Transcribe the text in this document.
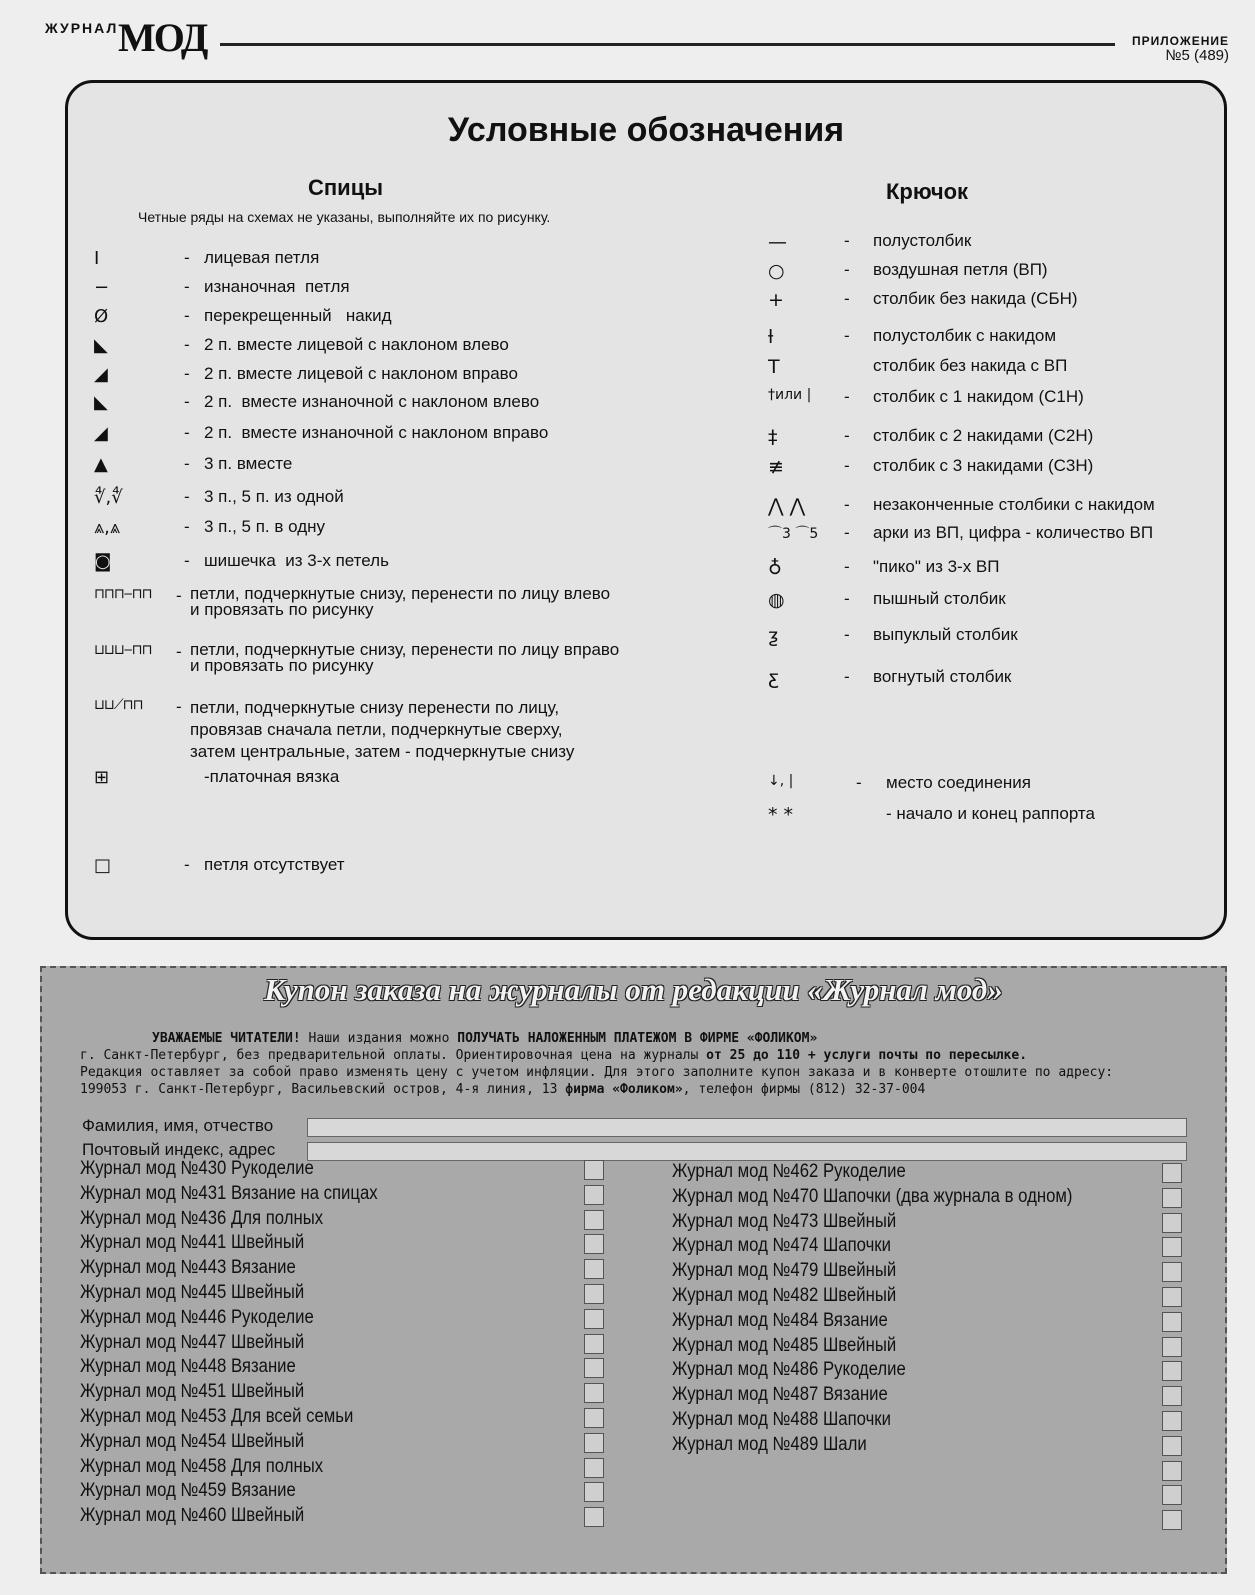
ЖУРНАЛ МОД	ПРИЛОЖЕНИЕ
№5 (489)
Условные обозначения
Спицы	Крючок
Четные ряды на схемах не указаны, выполняйте их по рисунку.
I	- лицевая петля
−	- изнаночная  петля
Ø	- перекрещенный   накид
◣	- 2 п. вместе лицевой с наклоном влево
◢	- 2 п. вместе лицевой с наклоном вправо
◣	- 2 п.  вместе изнаночной с наклоном влево
◢	- 2 п.  вместе изнаночной с наклоном вправо
▲	- 3 п. вместе
∜,∜	- 3 п., 5 п. из одной
⩓,⩓	- 3 п., 5 п. в одну
◙	- шишечка  из 3-х петель
⊓⊓⊓‒⊓⊓ - петли, подчеркнутые снизу, перенести по лицу влево
и провязать по рисунку
⊔⊔⊔‒⊓⊓ - петли, подчеркнутые снизу, перенести по лицу вправо
и провязать по рисунку
⊔⊔⟋⊓⊓ - петли, подчеркнутые снизу перенести по лицу,
провязав сначала петли, подчеркнутые сверху,
затем центральные, затем - подчеркнутые снизу
⊞	-платочная вязка
□	- петля отсутствует
—	- полустолбик
○	- воздушная петля (ВП)
+	- столбик без накида (СБН)
ƚ	- полустолбик с накидом
Т	столбик без накида с ВП
†или | - столбик с 1 накидом (С1Н)
‡	- столбик с 2 накидами (С2Н)
≢	- столбик с 3 накидами (С3Н)
⋀ ⋀ - незаконченные столбики с накидом
⌒3 ⌒5 - арки из ВП, цифра - количество ВП
♁	- "пико" из 3-х ВП
◍	- пышный столбик
ƺ	- выпуклый столбик
ƹ	- вогнутый столбик
↓, |	- место соединения
* *	- начало и конец раппорта
Купон заказа на журналы от редакции «Журнал мод»
УВАЖАЕМЫЕ ЧИТАТЕЛИ! Наши издания можно ПОЛУЧАТЬ НАЛОЖЕННЫМ ПЛАТЕЖОМ В ФИРМЕ «ФОЛИКОМ»
г. Санкт-Петербург, без предварительной оплаты. Ориентировочная цена на журналы от 25 до 110 + услуги почты по пересылке.
Редакция оставляет за собой право изменять цену с учетом инфляции. Для этого заполните купон заказа и в конверте отошлите по адресу:
199053 г. Санкт-Петербург, Васильевский остров, 4-я линия, 13 фирма «Фоликом», телефон фирмы (812) 32-37-004
Фамилия, имя, отчество
Почтовый индекс, адрес
Журнал мод №430 Рукоделие
Журнал мод №431 Вязание на спицах
Журнал мод №436 Для полных
Журнал мод №441 Швейный
Журнал мод №443 Вязание
Журнал мод №445 Швейный
Журнал мод №446 Рукоделие
Журнал мод №447 Швейный
Журнал мод №448 Вязание
Журнал мод №451 Швейный
Журнал мод №453 Для всей семьи
Журнал мод №454 Швейный
Журнал мод №458 Для полных
Журнал мод №459 Вязание
Журнал мод №460 Швейный
Журнал мод №462 Рукоделие
Журнал мод №470 Шапочки (два журнала в одном)
Журнал мод №473 Швейный
Журнал мод №474 Шапочки
Журнал мод №479 Швейный
Журнал мод №482 Швейный
Журнал мод №484 Вязание
Журнал мод №485 Швейный
Журнал мод №486 Рукоделие
Журнал мод №487 Вязание
Журнал мод №488 Шапочки
Журнал мод №489 Шали
